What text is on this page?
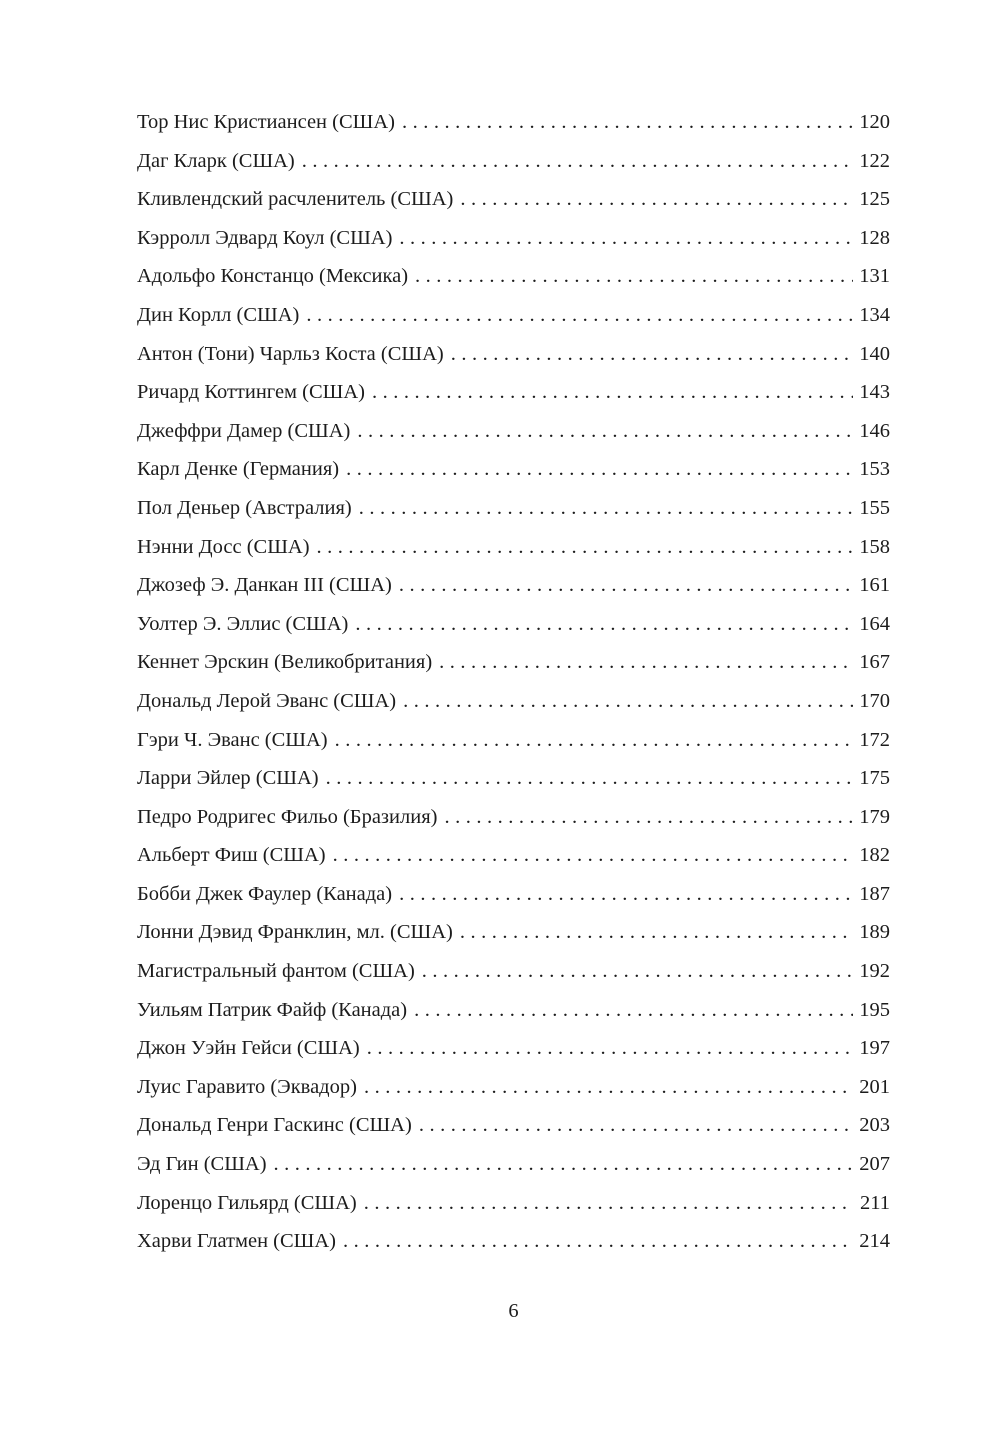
Тор Нис Кристиансен (США) .....	120
Даг Кларк (США) .....	122
Кливлендский расчленитель (США) .....	125
Кэрролл Эдвард Коул (США) .....	128
Адольфо Констанцо (Мексика) .....	131
Дин Корлл (США) .....	134
Антон (Тони) Чарльз Коста (США) .....	140
Ричард Коттингем (США) .....	143
Джеффри Дамер (США) .....	146
Карл Денке (Германия) .....	153
Пол Деньер (Австралия) .....	155
Нэнни Досс (США) .....	158
Джозеф Э. Данкан III (США) .....	161
Уолтер Э. Эллис (США) .....	164
Кеннет Эрскин (Великобритания) .....	167
Дональд Лерой Эванс (США) .....	170
Гэри Ч. Эванс (США) .....	172
Ларри Эйлер (США) .....	175
Педро Родригес Фильо (Бразилия) .....	179
Альберт Фиш (США) .....	182
Бобби Джек Фаулер (Канада) .....	187
Лонни Дэвид Франклин, мл. (США) .....	189
Магистральный фантом (США) .....	192
Уильям Патрик Файф (Канада) .....	195
Джон Уэйн Гейси (США) .....	197
Луис Гаравито (Эквадор) .....	201
Дональд Генри Гаскинс (США) .....	203
Эд Гин (США) .....	207
Лоренцо Гильярд (США) .....	211
Харви Глатмен (США) .....	214
6
